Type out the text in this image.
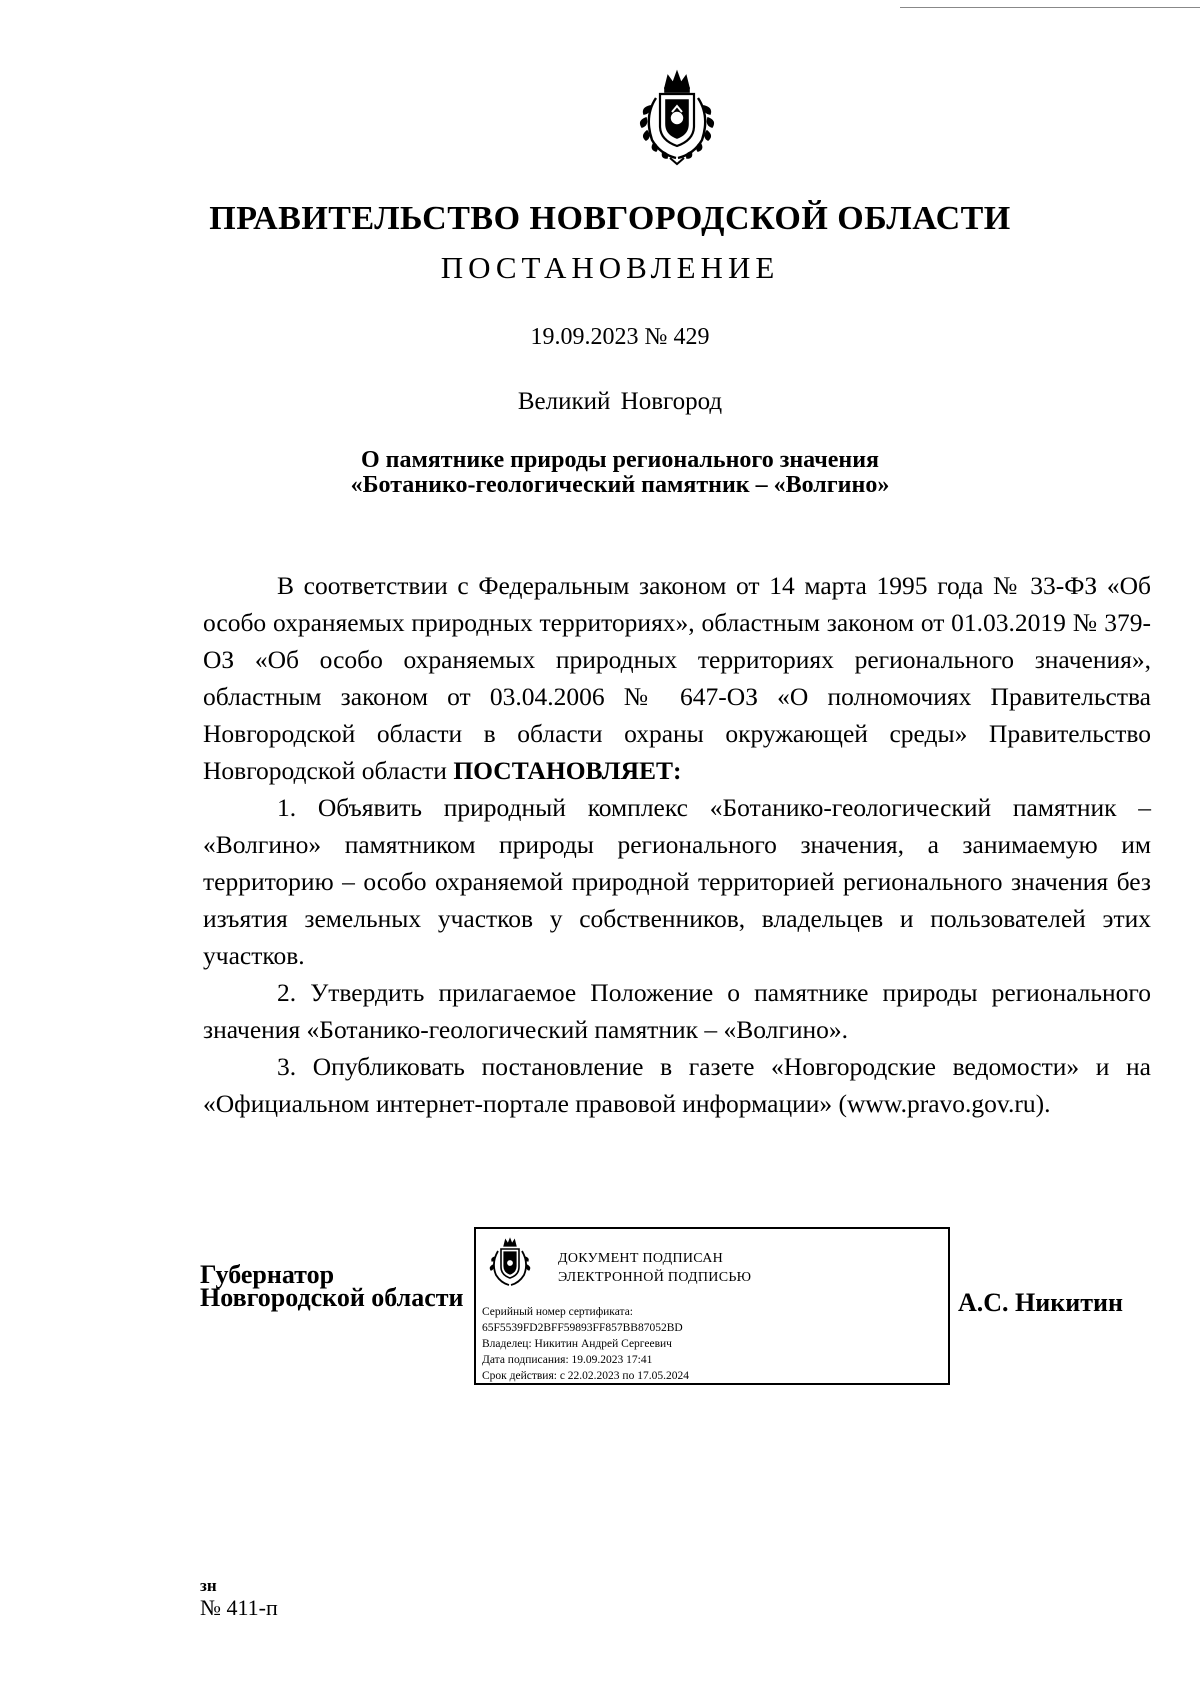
ПРАВИТЕЛЬСТВО НОВГОРОДСКОЙ ОБЛАСТИ
ПОСТАНОВЛЕНИЕ
19.09.2023 № 429
Великий Новгород
О памятнике природы регионального значения
«Ботанико-геологический памятник – «Волгино»

В соответствии с Федеральным законом от 14 марта 1995 года № 33-ФЗ «Об особо охраняемых природных территориях», областным законом от 01.03.2019 № 379-ОЗ «Об особо охраняемых природных территориях регионального значения», областным законом от 03.04.2006 № 647-ОЗ «О полномочиях Правительства Новгородской области в области охраны окружающей среды» Правительство Новгородской области ПОСТАНОВЛЯЕТ:

1. Объявить природный комплекс «Ботанико-геологический памятник – «Волгино» памятником природы регионального значения, а занимаемую им территорию – особо охраняемой природной территорией регионального значения без изъятия земельных участков у собственников, владельцев и пользователей этих участков.

2. Утвердить прилагаемое Положение о памятнике природы регионального значения «Ботанико-геологический памятник – «Волгино».

3. Опубликовать постановление в газете «Новгородские ведомости» и на «Официальном интернет-портале правовой информации» (www.pravo.gov.ru).

Губернатор
Новгородской области
ДОКУМЕНТ ПОДПИСАН
ЭЛЕКТРОННОЙ ПОДПИСЬЮ
Серийный номер сертификата:
65F5539FD2BFF59893FF857BB87052BD
Владелец: Никитин Андрей Сергеевич
Дата подписания: 19.09.2023 17:41
Срок действия: с 22.02.2023 по 17.05.2024
А.С. Никитин
зн
№ 411-п
